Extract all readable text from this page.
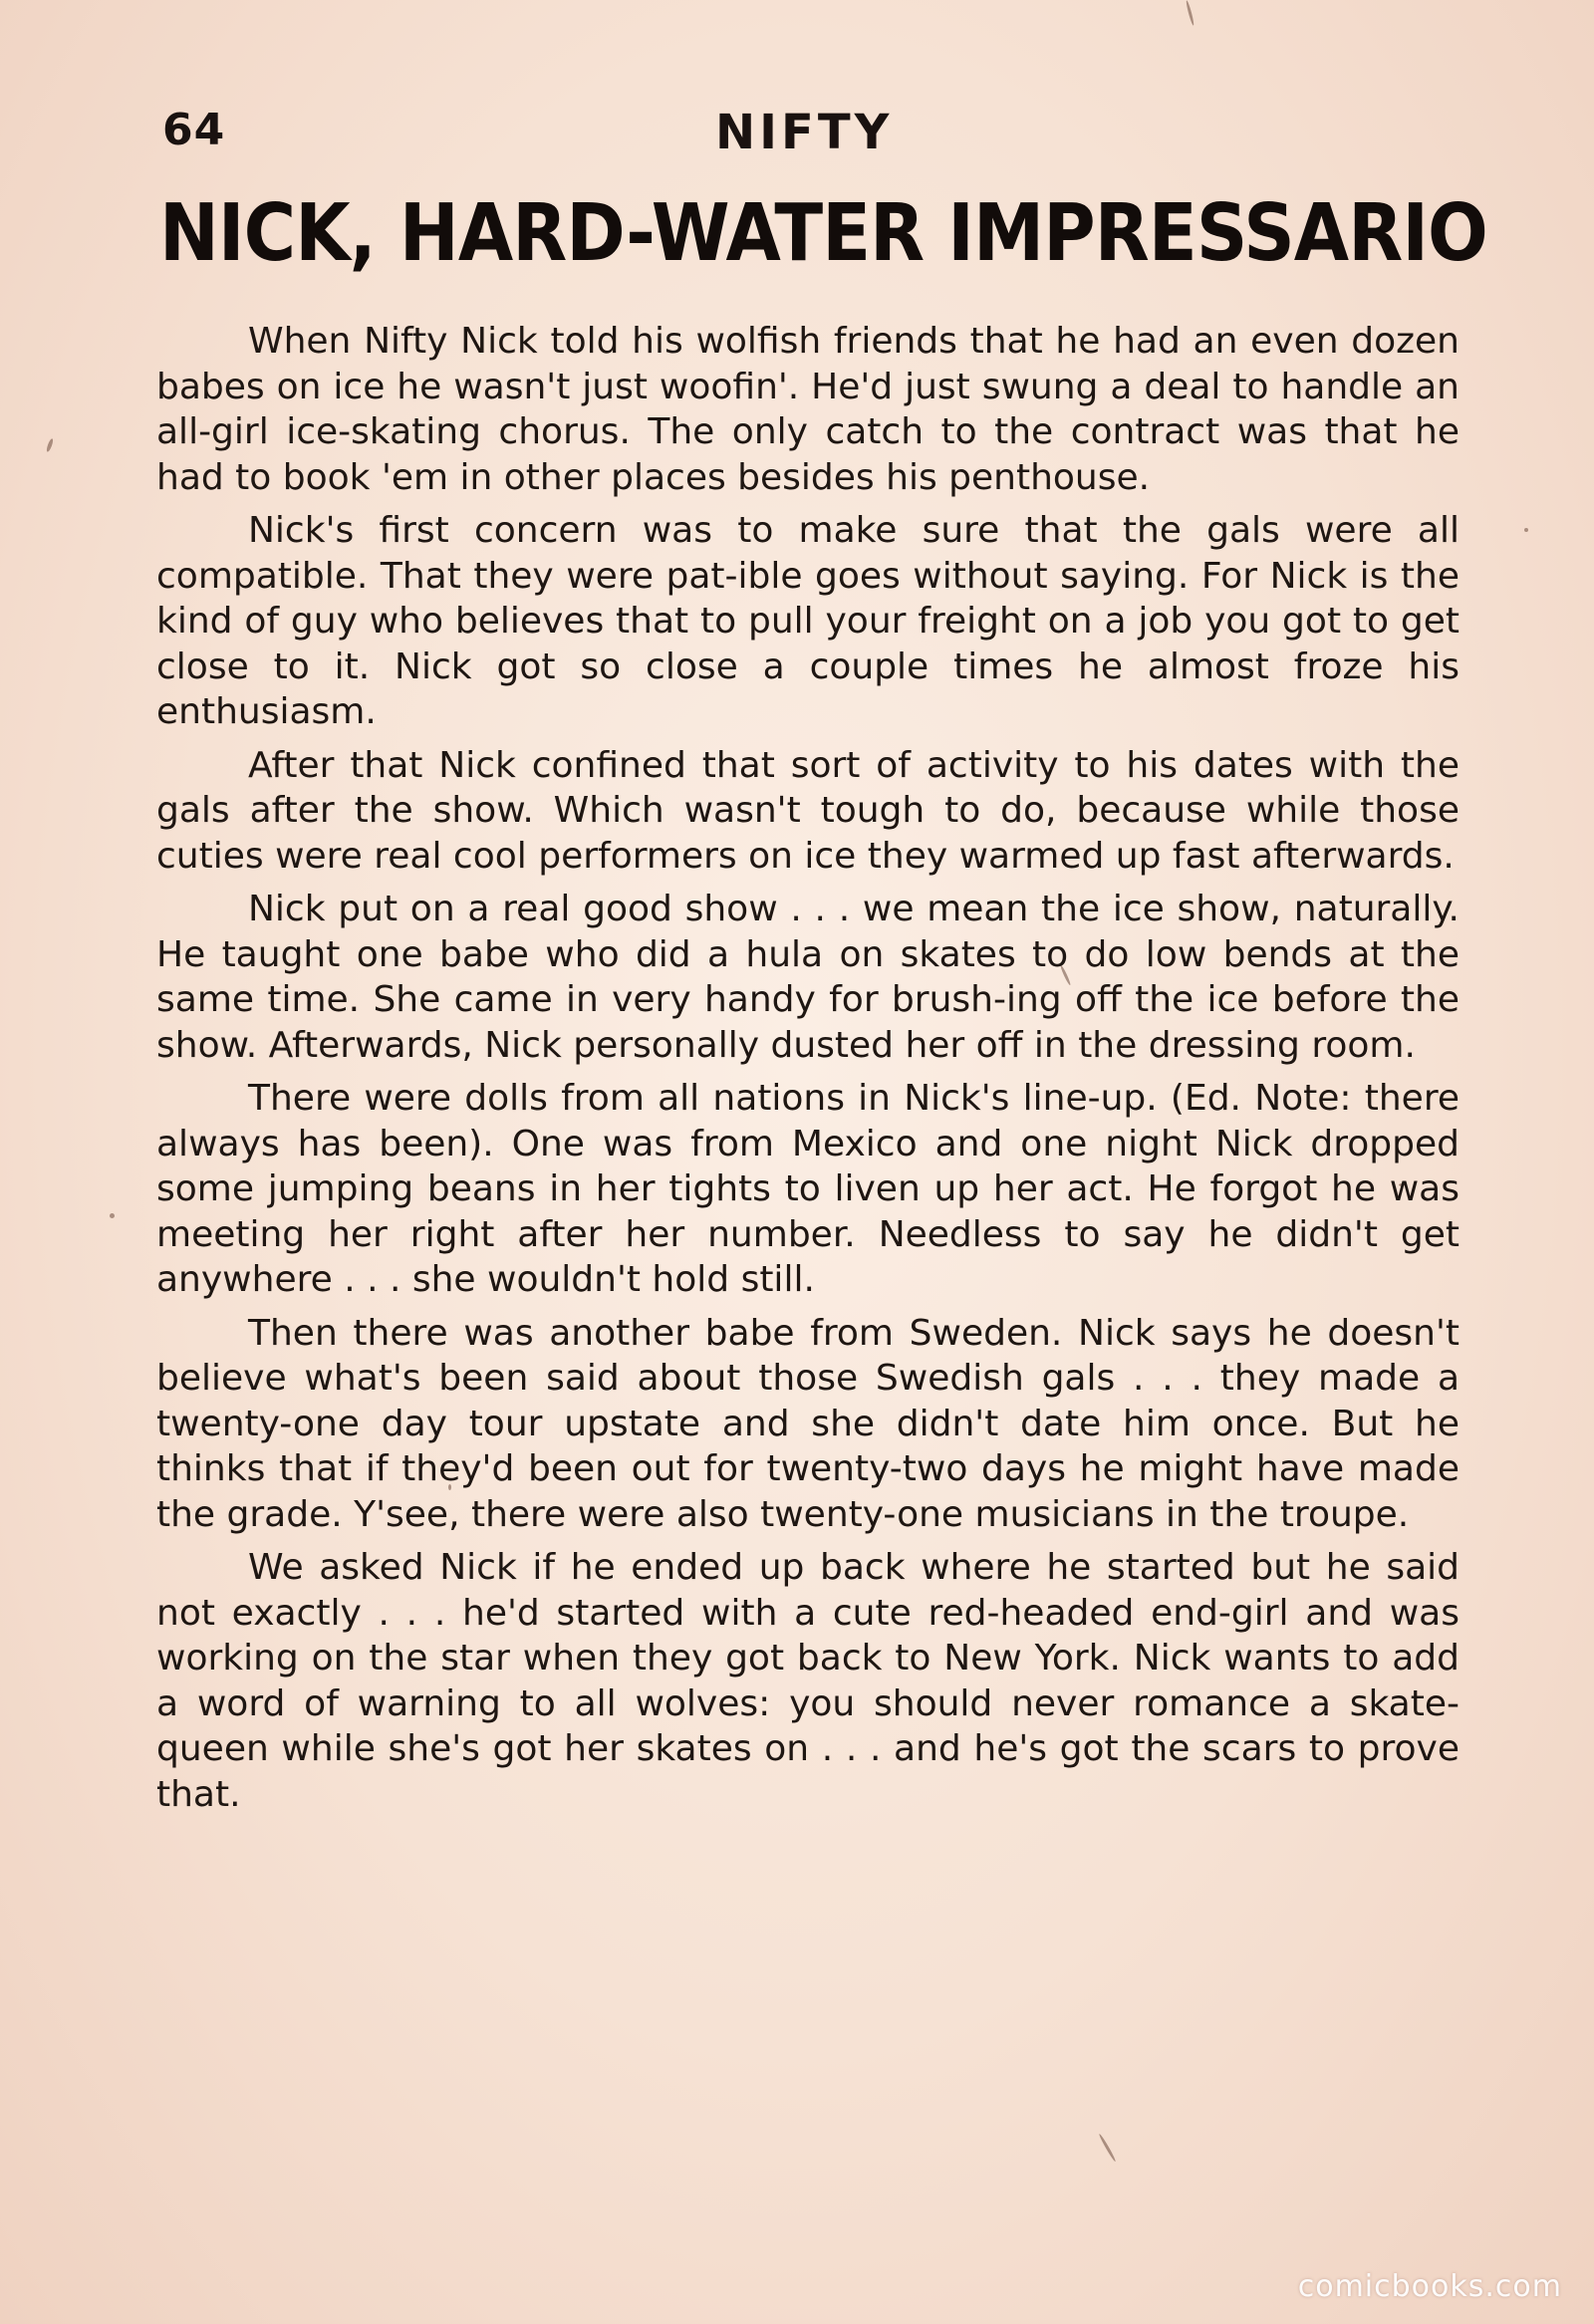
64	NIFTY
NICK, HARD-WATER IMPRESSARIO

When Nifty Nick told his wolfish friends that he had an even dozen babes on ice he wasn't just woofin'. He'd just swung a deal to handle an all-girl ice-skating chorus. The only catch to the contract was that he had to book 'em in other places besides his penthouse.

Nick's first concern was to make sure that the gals were all compatible. That they were pat-ible goes without saying. For Nick is the kind of guy who believes that to pull your freight on a job you got to get close to it. Nick got so close a couple times he almost froze his enthusiasm.

After that Nick confined that sort of activity to his dates with the gals after the show. Which wasn't tough to do, because while those cuties were real cool performers on ice they warmed up fast afterwards.

Nick put on a real good show . . . we mean the ice show, naturally. He taught one babe who did a hula on skates to do low bends at the same time. She came in very handy for brush-ing off the ice before the show. Afterwards, Nick personally dusted her off in the dressing room.

There were dolls from all nations in Nick's line-up. (Ed. Note: there always has been). One was from Mexico and one night Nick dropped some jumping beans in her tights to liven up her act. He forgot he was meeting her right after her number. Needless to say he didn't get anywhere . . . she wouldn't hold still.

Then there was another babe from Sweden. Nick says he doesn't believe what's been said about those Swedish gals . . . they made a twenty-one day tour upstate and she didn't date him once. But he thinks that if they'd been out for twenty-two days he might have made the grade. Y'see, there were also twenty-one musicians in the troupe.

We asked Nick if he ended up back where he started but he said not exactly . . . he'd started with a cute red-headed end-girl and was working on the star when they got back to New York. Nick wants to add a word of warning to all wolves: you should never romance a skate-queen while she's got her skates on . . . and he's got the scars to prove that.

comicbooks.com
